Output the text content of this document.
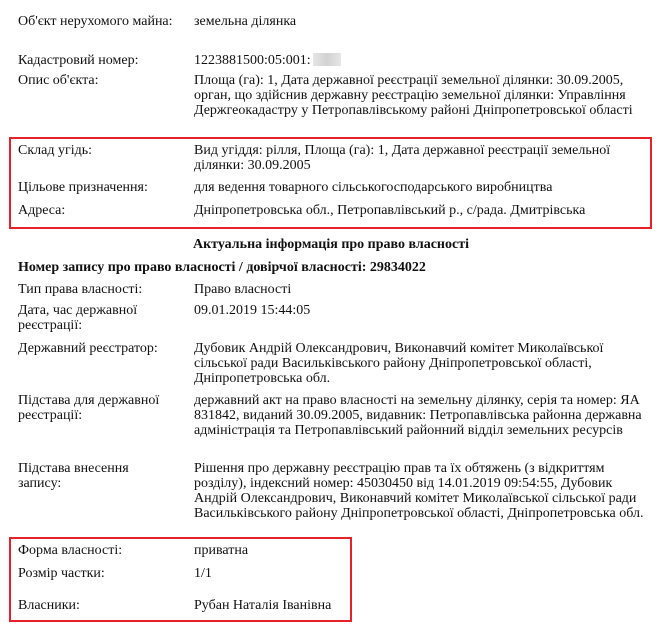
Об'єкт нерухомого майна:	земельна ділянка
Кадастровий номер:	1223881500:05:001:
Опис об'єкта:	Площа (га): 1, Дата державної реєстрації земельної ділянки: 30.09.2005, орган, що здійснив державну реєстрацію земельної ділянки: Управління Держгеокадастру у Петропавлівському районі Дніпропетровської області
Склад угідь:	Вид угіддя: рілля, Площа (га): 1, Дата державної реєстрації земельної ділянки: 30.09.2005
Цільове призначення:	для ведення товарного сільськогосподарського виробництва
Адреса:	Дніпропетровська обл., Петропавлівський р., с/рада. Дмитрівська
Актуальна інформація про право власності
Номер запису про право власності / довірчої власності: 29834022
Тип права власності:	Право власності
Дата, час державної реєстрації:
09.01.2019 15:44:05
Державний реєстратор:	Дубовик Андрій Олександрович, Виконавчий комітет Миколаївської сільської ради Васильківського району Дніпропетровської області, Дніпропетровська обл.
Підстава для державної реєстрації:
державний акт на право власності на земельну ділянку, серія та номер: ЯА 831842, виданий 30.09.2005, видавник: Петропавлівська районна державна адміністрація та Петропавлівський районний відділ земельних ресурсів
Підстава внесення запису:
Рішення про державну реєстрацію прав та їх обтяжень (з відкриттям розділу), індексний номер: 45030450 від 14.01.2019 09:54:55, Дубовик Андрій Олександрович, Виконавчий комітет Миколаївської сільської ради Васильківського району Дніпропетровської області, Дніпропетровська обл.
Форма власності:	приватна
Розмір частки:	1/1
Власники:	Рубан Наталія Іванівна
